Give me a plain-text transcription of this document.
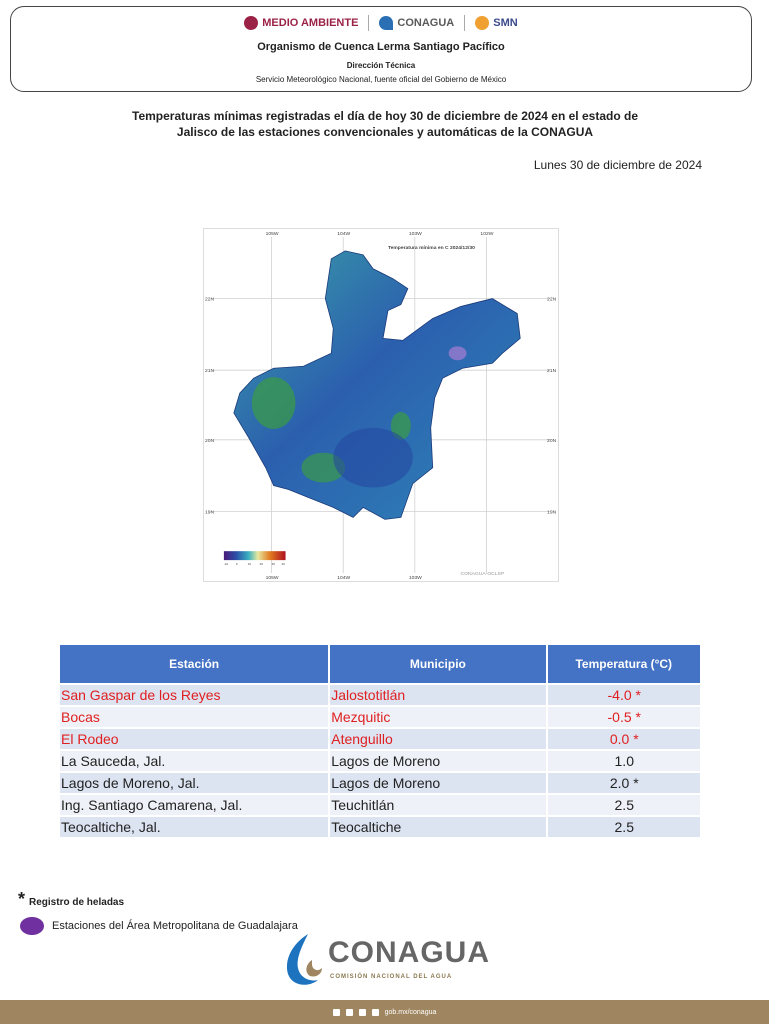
MEDIO AMBIENTE	CONAGUA	SMN
Organismo de Cuenca Lerma Santiago Pacífico
Dirección Técnica
Servicio Meteorológico Nacional, fuente oficial del Gobierno de México
Temperaturas mínimas registradas el día de hoy 30 de diciembre de 2024 en el estado de
Jalisco de las estaciones convencionales y automáticas de la CONAGUA
Lunes 30 de diciembre de 2024
105W	104W	103W	102W
105W	104W	103W
22N
21N
20N
19N
22N
21N
20N
19N
Temperatura mínima en C 2024/12/30
CONAGUA-OCLSP
-10	0	10	20	30 40
Estación	Municipio	Temperatura (°C)
San Gaspar de los Reyes	Jalostotitlán	-4.0 *
Bocas	Mezquitic	-0.5 *
El Rodeo	Atenguillo	0.0 *
La Sauceda, Jal.	Lagos de Moreno	1.0
Lagos de Moreno, Jal.	Lagos de Moreno	2.0 *
Ing. Santiago Camarena, Jal.	Teuchitlán	2.5
Teocaltiche, Jal.	Teocaltiche	2.5
* Registro de heladas
Estaciones del Área Metropolitana de Guadalajara
CONAGUA
COMISIÓN NACIONAL DEL AGUA
gob.mx/conagua
